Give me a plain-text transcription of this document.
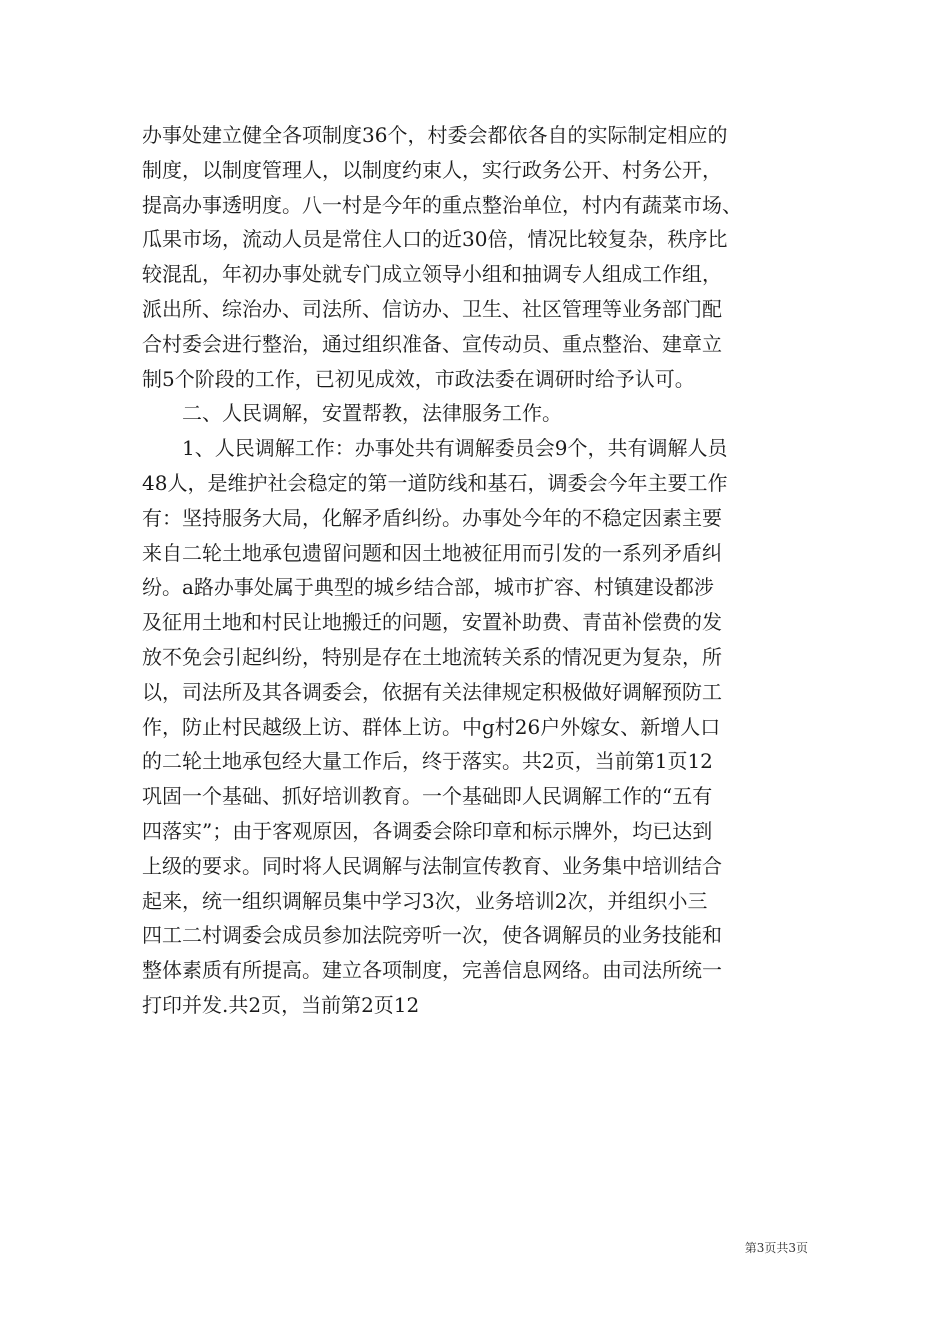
办事处建立健全各项制度36个，村委会都依各自的实际制定相应的
制度，以制度管理人，以制度约束人，实行政务公开、村务公开，
提高办事透明度。八一村是今年的重点整治单位，村内有蔬菜市场、
瓜果市场，流动人员是常住人口的近30倍，情况比较复杂，秩序比
较混乱，年初办事处就专门成立领导小组和抽调专人组成工作组，
派出所、综治办、司法所、信访办、卫生、社区管理等业务部门配
合村委会进行整治，通过组织准备、宣传动员、重点整治、建章立
制5个阶段的工作，已初见成效，市政法委在调研时给予认可。
　　二、人民调解，安置帮教，法律服务工作。
　　1、人民调解工作：办事处共有调解委员会9个，共有调解人员
48人，是维护社会稳定的第一道防线和基石，调委会今年主要工作
有：坚持服务大局，化解矛盾纠纷。办事处今年的不稳定因素主要
来自二轮土地承包遗留问题和因土地被征用而引发的一系列矛盾纠
纷。a路办事处属于典型的城乡结合部，城市扩容、村镇建设都涉
及征用土地和村民让地搬迁的问题，安置补助费、青苗补偿费的发
放不免会引起纠纷，特别是存在土地流转关系的情况更为复杂，所
以，司法所及其各调委会，依据有关法律规定积极做好调解预防工
作，防止村民越级上访、群体上访。中g村26户外嫁女、新增人口
的二轮土地承包经大量工作后，终于落实。共2页，当前第1页12
巩固一个基础、抓好培训教育。一个基础即人民调解工作的“五有
四落实”；由于客观原因，各调委会除印章和标示牌外，均已达到
上级的要求。同时将人民调解与法制宣传教育、业务集中培训结合
起来，统一组织调解员集中学习3次，业务培训2次，并组织小三
四工二村调委会成员参加法院旁听一次，使各调解员的业务技能和
整体素质有所提高。建立各项制度，完善信息网络。由司法所统一
打印并发.共2页，当前第2页12
第3页共3页
